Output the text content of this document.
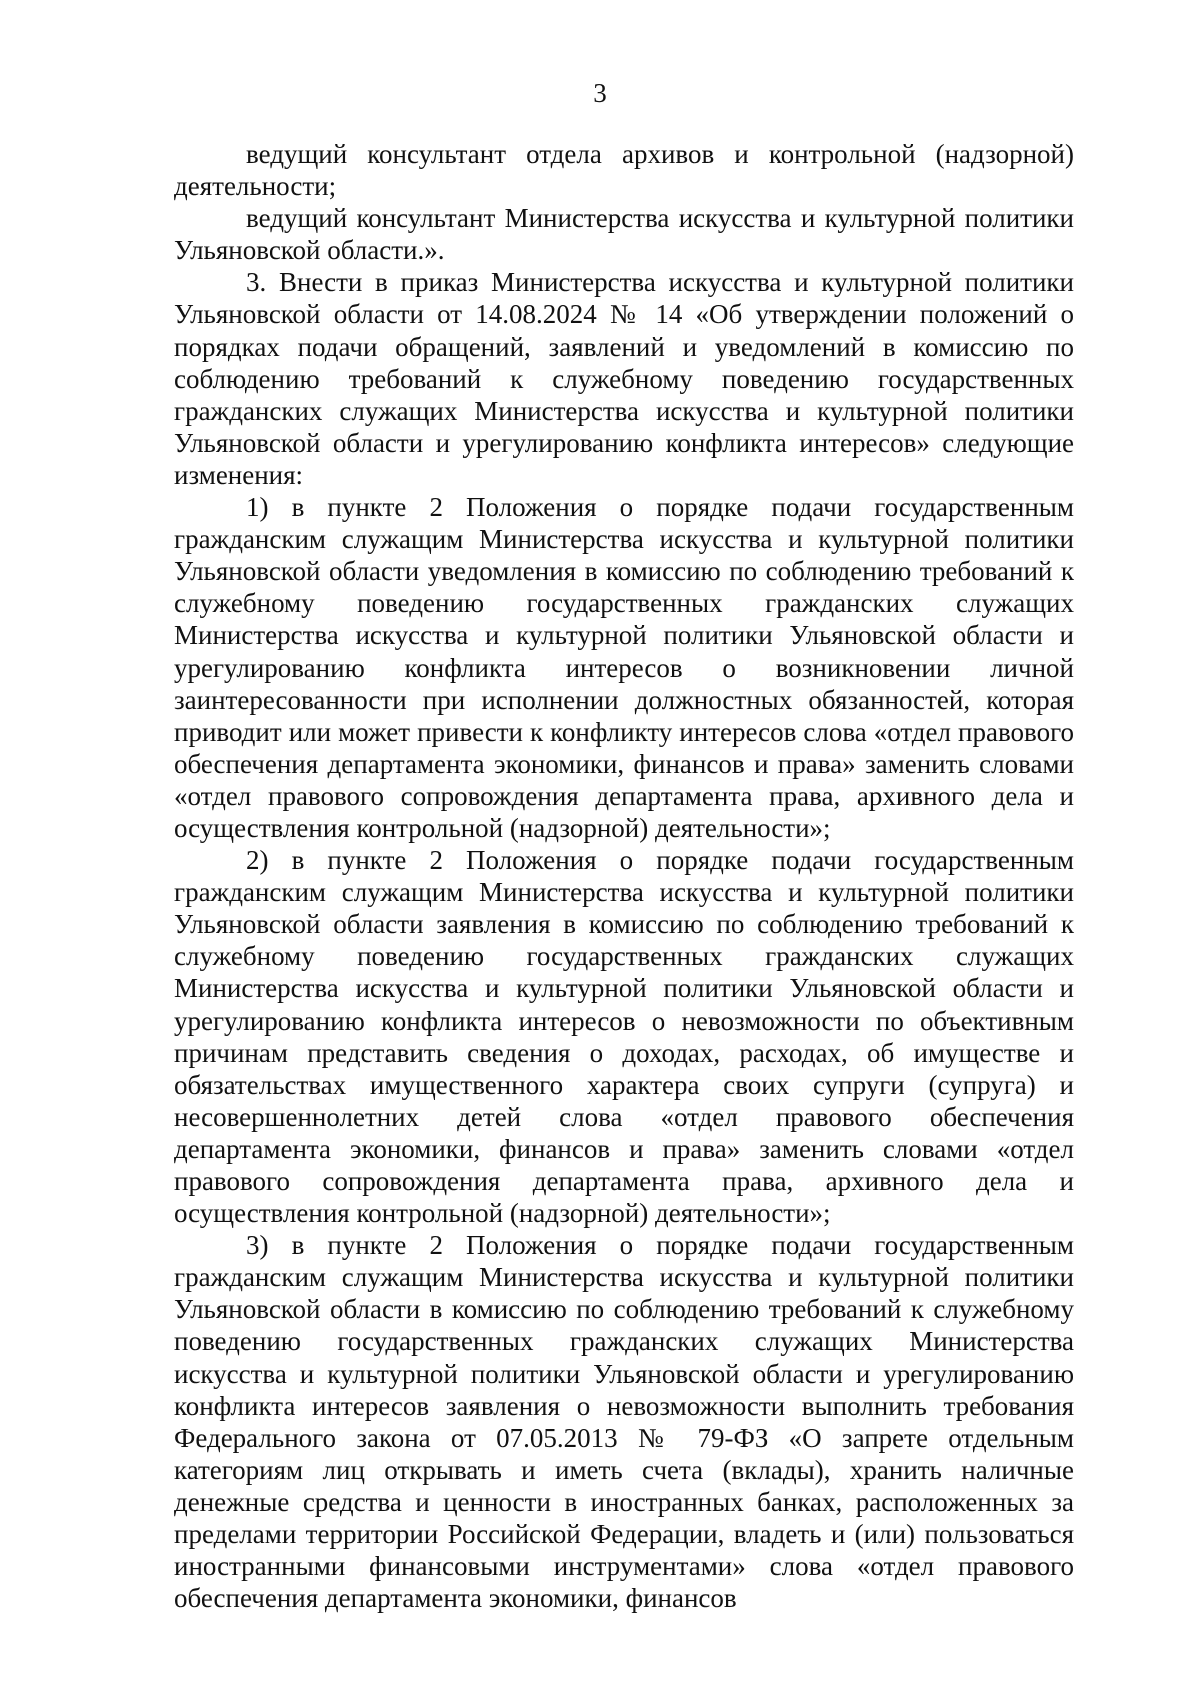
3

ведущий консультант отдела архивов и контрольной (надзорной) деятельности;

ведущий консультант Министерства искусства и культурной политики Ульяновской области.».

3. Внести в приказ Министерства искусства и культурной политики Ульяновской области от 14.08.2024 № 14 «Об утверждении положений о порядках подачи обращений, заявлений и уведомлений в комиссию по соблюдению требований к служебному поведению государственных гражданских служащих Министерства искусства и культурной политики Ульяновской области и урегулированию конфликта интересов» следующие изменения:

1) в пункте 2 Положения о порядке подачи государственным гражданским служащим Министерства искусства и культурной политики Ульяновской области уведомления в комиссию по соблюдению требований к служебному поведению государственных гражданских служащих Министерства искусства и культурной политики Ульяновской области и урегулированию конфликта интересов о возникновении личной заинтересованности при исполнении должностных обязанностей, которая приводит или может привести к конфликту интересов слова «отдел правового обеспечения департамента экономики, финансов и права» заменить словами «отдел правового сопровождения департамента права, архивного дела и осуществления контрольной (надзорной) деятельности»;

2) в пункте 2 Положения о порядке подачи государственным гражданским служащим Министерства искусства и культурной политики Ульяновской области заявления в комиссию по соблюдению требований к служебному поведению государственных гражданских служащих Министерства искусства и культурной политики Ульяновской области и урегулированию конфликта интересов о невозможности по объективным причинам представить сведения о доходах, расходах, об имуществе и обязательствах имущественного характера своих супруги (супруга) и несовершеннолетних детей слова «отдел правового обеспечения департамента экономики, финансов и права» заменить словами «отдел правового сопровождения департамента права, архивного дела и осуществления контрольной (надзорной) деятельности»;

3) в пункте 2 Положения о порядке подачи государственным гражданским служащим Министерства искусства и культурной политики Ульяновской области в комиссию по соблюдению требований к служебному поведению государственных гражданских служащих Министерства искусства и культурной политики Ульяновской области и урегулированию конфликта интересов заявления о невозможности выполнить требования Федерального закона от 07.05.2013 № 79-ФЗ «О запрете отдельным категориям лиц открывать и иметь счета (вклады), хранить наличные денежные средства и ценности в иностранных банках, расположенных за пределами территории Российской Федерации, владеть и (или) пользоваться иностранными финансовыми инструментами» слова «отдел правового обеспечения департамента экономики, финансов
